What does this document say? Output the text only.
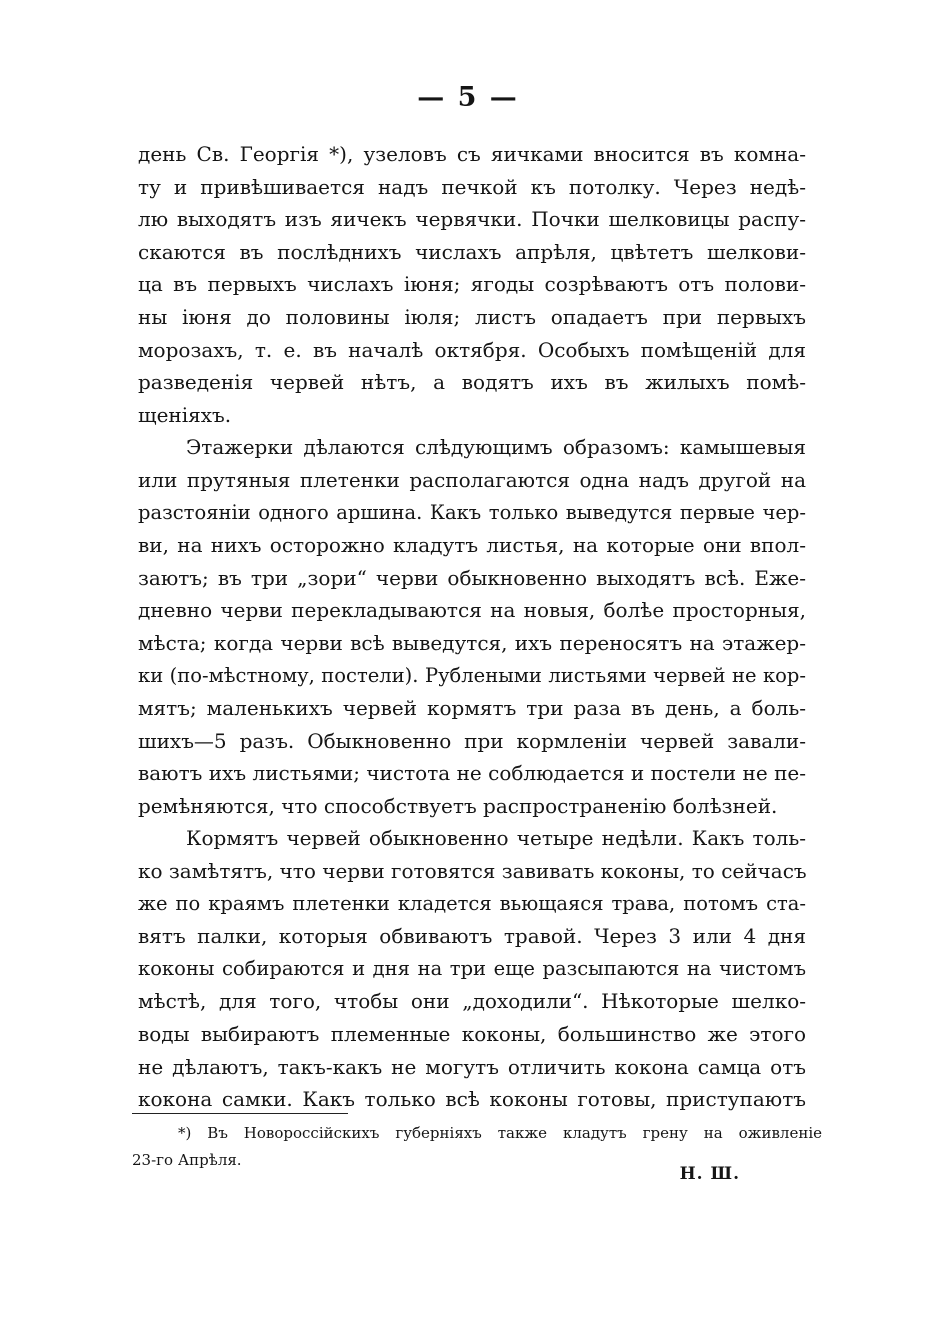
— 5 —
день Св. Георгія *), узеловъ съ яичками вносится въ комна-
ту и привѣшивается надъ печкой къ потолку. Через недѣ-
лю выходятъ изъ яичекъ червячки. Почки шелковицы распу-
скаются въ послѣднихъ числахъ апрѣля, цвѣтетъ шелкови-
ца въ первыхъ числахъ іюня; ягоды созрѣваютъ отъ полови-
ны іюня до половины іюля; листъ опадаетъ при первыхъ
морозахъ, т. е. въ началѣ октября. Особыхъ помѣщеній для
разведенія червей нѣтъ, а водятъ ихъ въ жилыхъ помѣ-
щеніяхъ.
Этажерки дѣлаются слѣдующимъ образомъ: камышевыя
или прутяныя плетенки располагаются одна надъ другой на
разстояніи одного аршина. Какъ только выведутся первые чер-
ви, на нихъ осторожно кладутъ листья, на которые они впол-
заютъ; въ три „зори“ черви обыкновенно выходятъ всѣ. Еже-
дневно черви перекладываются на новыя, болѣе просторныя,
мѣста; когда черви всѣ выведутся, ихъ переносятъ на этажер-
ки (по-мѣстному, постели). Рублеными листьями червей не кор-
мятъ; маленькихъ червей кормятъ три раза въ день, а боль-
шихъ—5 разъ. Обыкновенно при кормленіи червей завали-
ваютъ ихъ листьями; чистота не соблюдается и постели не пе-
ремѣняются, что способствуетъ распространенію болѣзней.
Кормятъ червей обыкновенно четыре недѣли. Какъ толь-
ко замѣтятъ, что черви готовятся завивать коконы, то сейчасъ
же по краямъ плетенки кладется вьющаяся трава, потомъ ста-
вятъ палки, которыя обвиваютъ травой. Через 3 или 4 дня
коконы собираются и дня на три еще разсыпаются на чистомъ
мѣстѣ, для того, чтобы они „доходили“. Нѣкоторые шелко-
воды выбираютъ племенные коконы, большинство же этого
не дѣлаютъ, такъ-какъ не могутъ отличить кокона самца отъ
кокона самки. Какъ только всѣ коконы готовы, приступаютъ
*) Въ Новороссійскихъ губерніяхъ также кладутъ грену на оживленіе
23-го Апрѣля.
Н. Ш.
